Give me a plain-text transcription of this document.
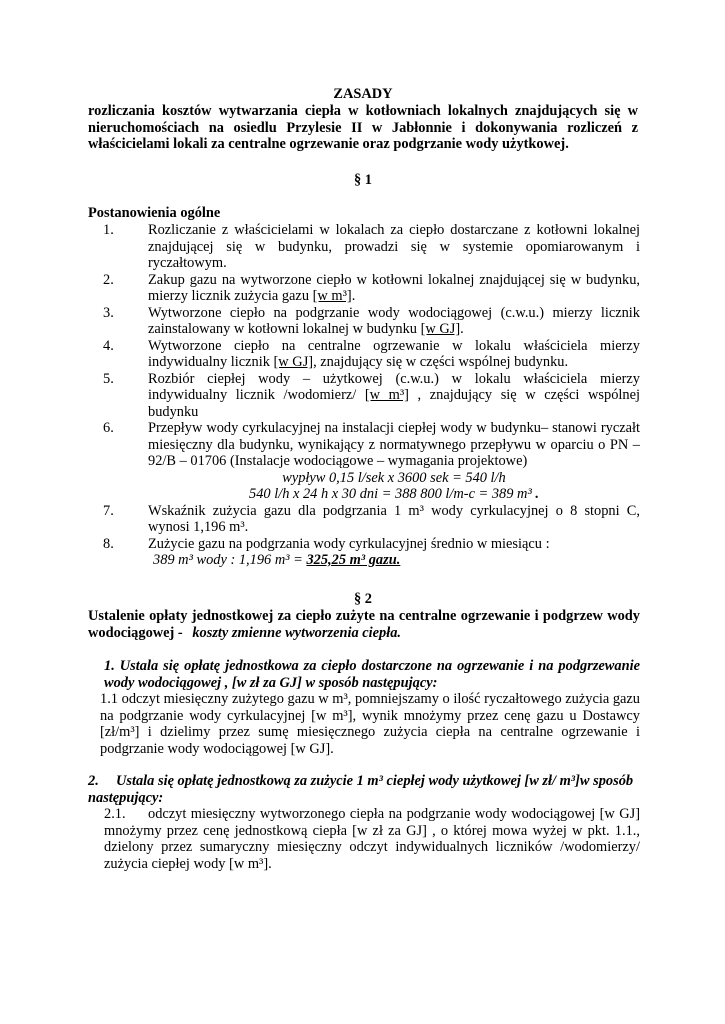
ZASADY
rozliczania kosztów wytwarzania ciepła w kotłowniach lokalnych znajdujących się w nieruchomościach na osiedlu Przylesie II w Jabłonnie i dokonywania rozliczeń z właścicielami lokali za centralne ogrzewanie oraz podgrzanie wody użytkowej.
§ 1
Postanowienia ogólne
1. Rozliczanie z właścicielami w lokalach za ciepło dostarczane z kotłowni lokalnej znajdującej się w budynku, prowadzi się w systemie opomiarowanym i ryczałtowym.
2. Zakup gazu na wytworzone ciepło w kotłowni lokalnej znajdującej się w budynku, mierzy licznik zużycia gazu [w m³].
3. Wytworzone ciepło na podgrzanie wody wodociągowej (c.w.u.) mierzy licznik zainstalowany w kotłowni lokalnej w budynku [w GJ].
4. Wytworzone ciepło na centralne ogrzewanie w lokalu właściciela mierzy indywidualny licznik [w GJ], znajdujący się w części wspólnej budynku.
5. Rozbiór ciepłej wody – użytkowej (c.w.u.) w lokalu właściciela mierzy indywidualny licznik /wodomierz/ [w m³] , znajdujący się w części wspólnej budynku
6. Przepływ wody cyrkulacyjnej na instalacji ciepłej wody w budynku– stanowi ryczałt miesięczny dla budynku, wynikający z normatywnego przepływu w oparciu o PN – 92/B – 01706 (Instalacje wodociągowe – wymagania projektowe)
wypływ 0,15 l/sek x 3600 sek = 540 l/h
540 l/h x 24 h x 30 dni = 388 800 l/m-c = 389 m³ .
7. Wskaźnik zużycia gazu dla podgrzania 1 m³ wody cyrkulacyjnej o 8 stopni C, wynosi 1,196 m³.
8. Zużycie gazu na podgrzania wody cyrkulacyjnej średnio w miesiącu :
389 m³ wody : 1,196 m³ = 325,25 m³ gazu.
§ 2
Ustalenie opłaty jednostkowej za ciepło zużyte na centralne ogrzewanie i podgrzew wody wodociągowej - koszty zmienne wytworzenia ciepła.
1. Ustala się opłatę jednostkowa za ciepło dostarczone na ogrzewanie i na podgrzewanie wody wodociągowej , [w zł za GJ] w sposób następujący:
1.1 odczyt miesięczny zużytego gazu w m³, pomniejszamy o ilość ryczałtowego zużycia gazu na podgrzanie wody cyrkulacyjnej [w m³], wynik mnożymy przez cenę gazu u Dostawcy [zł/m³] i dzielimy przez sumę miesięcznego zużycia ciepła na centralne ogrzewanie i podgrzanie wody wodociągowej [w GJ].
2. Ustala się opłatę jednostkową za zużycie 1 m³ ciepłej wody użytkowej [w zł/ m³]w sposób następujący:
2.1. odczyt miesięczny wytworzonego ciepła na podgrzanie wody wodociągowej [w GJ] mnożymy przez cenę jednostkową ciepła [w zł za GJ] , o której mowa wyżej w pkt. 1.1., dzielony przez sumaryczny miesięczny odczyt indywidualnych liczników /wodomierzy/ zużycia ciepłej wody [w m³].
